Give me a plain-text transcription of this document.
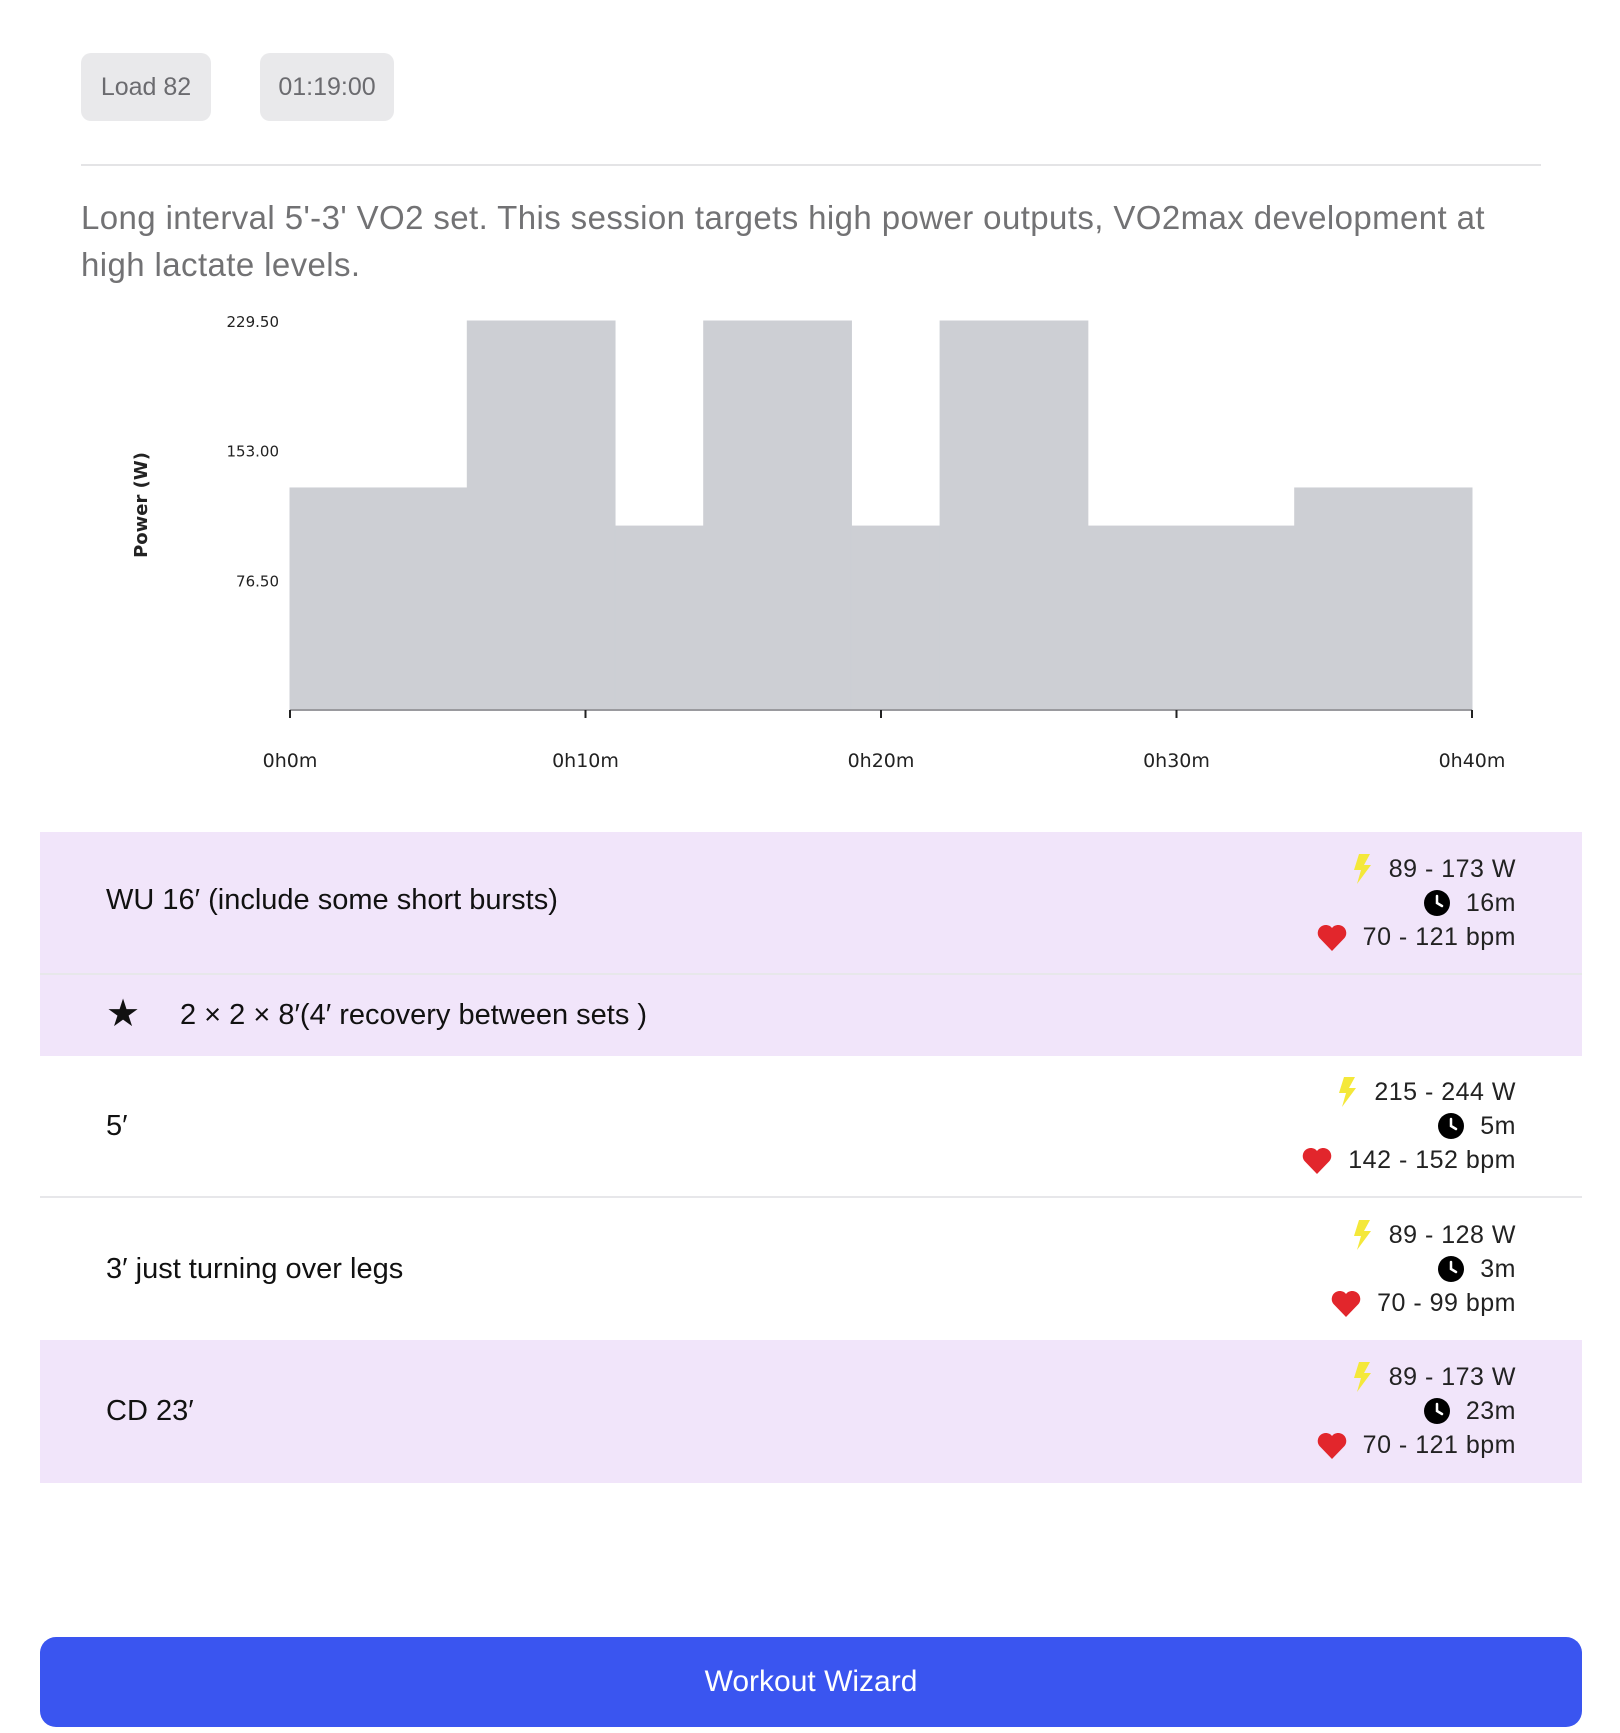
Load 82	01:19:00
Long interval 5'-3' VO2 set. This session targets high power outputs, VO2max development at high lactate levels.
Power (W)
229.50
153.00
76.50
0h0m	0h10m	0h20m	0h30m	0h40m
WU 16′ (include some short bursts)
89 - 173 W
16m
70 - 121 bpm
★ 2 × 2 × 8′(4′ recovery between sets )
5′
215 - 244 W
5m
142 - 152 bpm
3′ just turning over legs
89 - 128 W
3m
70 - 99 bpm
CD 23′
89 - 173 W
23m
70 - 121 bpm
Workout Wizard
